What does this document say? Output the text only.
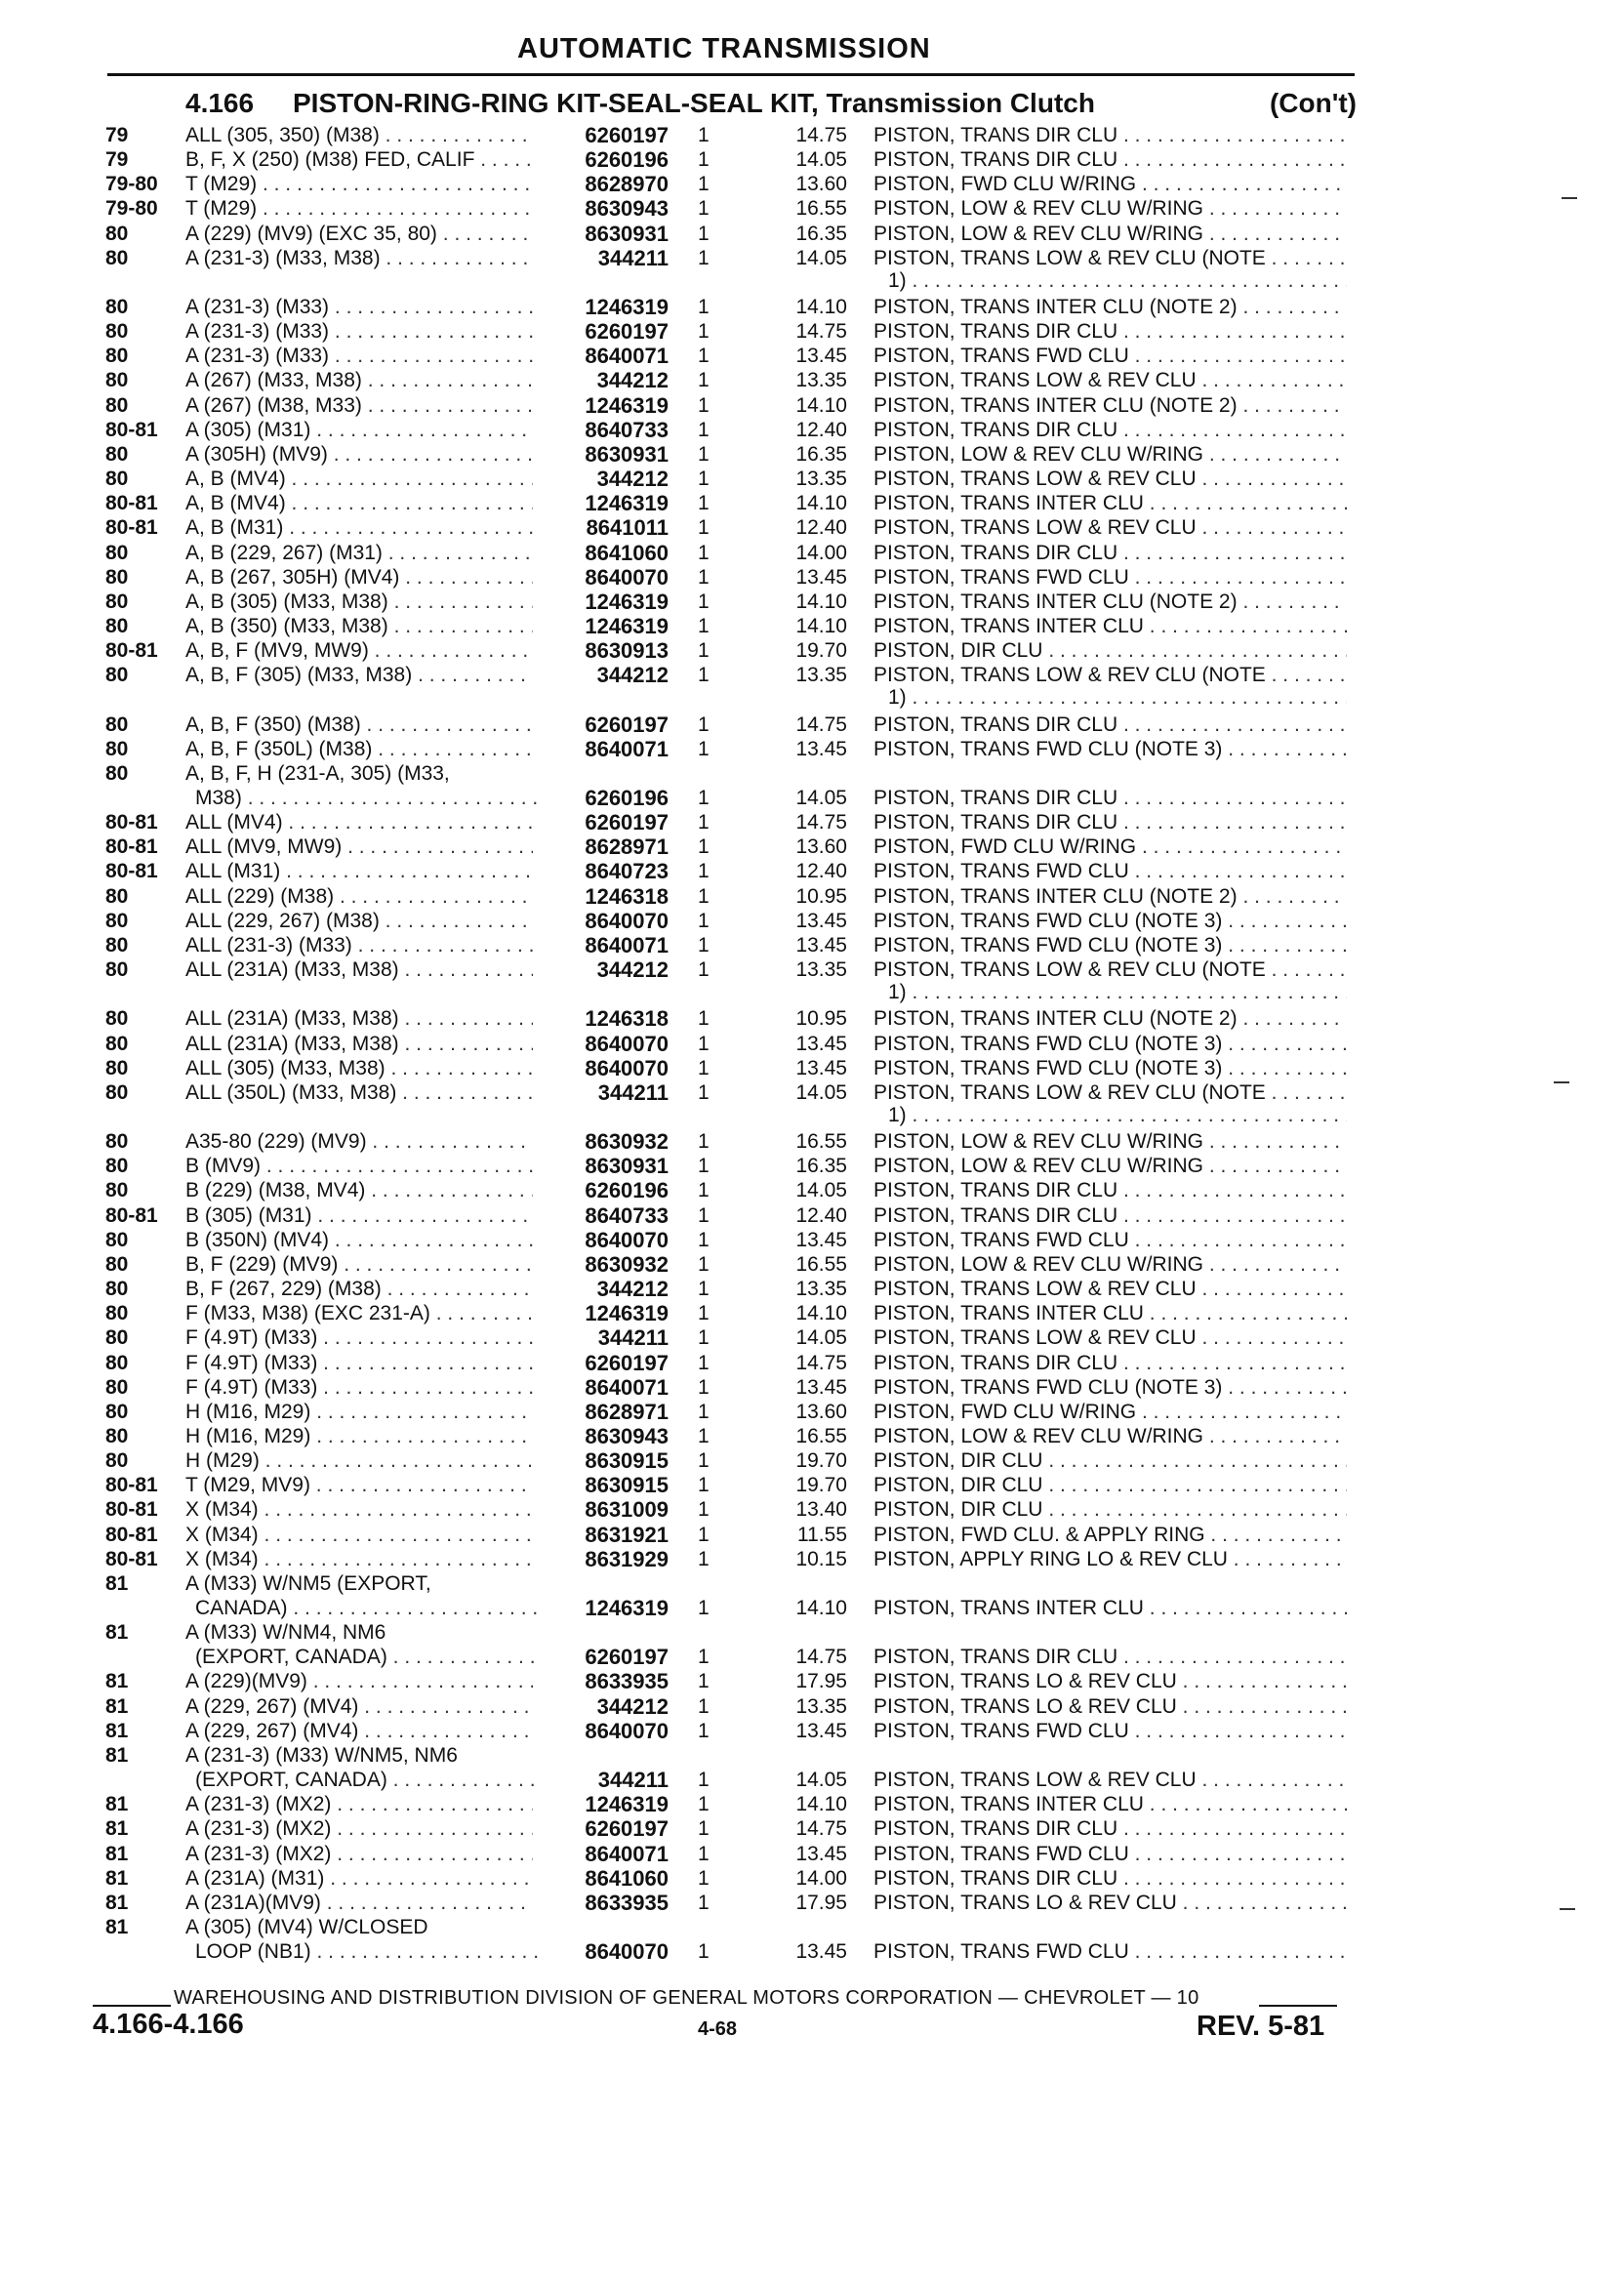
AUTOMATIC TRANSMISSION
4.166 PISTON-RING-RING KIT-SEAL-SEAL KIT, Transmission Clutch	(Con't)
79	ALL (305, 350) (M38) . . .	6260197 1	14.75 PISTON, TRANS DIR CLU . . .
79	B, F, X (250) (M38) FED, CALIF . . .	6260196 1	14.05 PISTON, TRANS DIR CLU . . .
79-80 T (M29) . . .	8628970 1	13.60 PISTON, FWD CLU W/RING . . .
79-80 T (M29) . . .	8630943 1	16.55 PISTON, LOW & REV CLU W/RING . . .
80	A (229) (MV9) (EXC 35, 80) . . .	8630931 1	16.35 PISTON, LOW & REV CLU W/RING . . .
80	A (231-3) (M33, M38) . . .	344211 1	14.05 PISTON, TRANS LOW & REV CLU (NOTE . . .
1) . . .
80	A (231-3) (M33) . . .	1246319 1	14.10 PISTON, TRANS INTER CLU (NOTE 2) . . .
80	A (231-3) (M33) . . .	6260197 1	14.75 PISTON, TRANS DIR CLU . . .
80	A (231-3) (M33) . . .	8640071 1	13.45 PISTON, TRANS FWD CLU . . .
80	A (267) (M33, M38) . . .	344212 1	13.35 PISTON, TRANS LOW & REV CLU . . .
80	A (267) (M38, M33) . . .	1246319 1	14.10 PISTON, TRANS INTER CLU (NOTE 2) . . .
80-81 A (305) (M31) . . .	8640733 1	12.40 PISTON, TRANS DIR CLU . . .
80	A (305H) (MV9) . . .	8630931 1	16.35 PISTON, LOW & REV CLU W/RING . . .
80	A, B (MV4) . . .	344212 1	13.35 PISTON, TRANS LOW & REV CLU . . .
80-81 A, B (MV4) . . .	1246319 1	14.10 PISTON, TRANS INTER CLU . . .
80-81 A, B (M31) . . .	8641011 1	12.40 PISTON, TRANS LOW & REV CLU . . .
80	A, B (229, 267) (M31) . . .	8641060 1	14.00 PISTON, TRANS DIR CLU . . .
80	A, B (267, 305H) (MV4) . . .	8640070 1	13.45 PISTON, TRANS FWD CLU . . .
80	A, B (305) (M33, M38) . . .	1246319 1	14.10 PISTON, TRANS INTER CLU (NOTE 2) . . .
80	A, B (350) (M33, M38) . . .	1246319 1	14.10 PISTON, TRANS INTER CLU . . .
80-81 A, B, F (MV9, MW9) . . .	8630913 1	19.70 PISTON, DIR CLU . . .
80	A, B, F (305) (M33, M38) . . .	344212 1	13.35 PISTON, TRANS LOW & REV CLU (NOTE . . .
1) . . .
80	A, B, F (350) (M38) . . .	6260197 1	14.75 PISTON, TRANS DIR CLU . . .
80	A, B, F (350L) (M38) . . .	8640071 1	13.45 PISTON, TRANS FWD CLU (NOTE 3) . . .
80	A, B, F, H (231-A, 305) (M33,
M38) . . .	6260196 1	14.05 PISTON, TRANS DIR CLU . . .
80-81 ALL (MV4) . . .	6260197 1	14.75 PISTON, TRANS DIR CLU . . .
80-81 ALL (MV9, MW9) . . .	8628971 1	13.60 PISTON, FWD CLU W/RING . . .
80-81 ALL (M31) . . .	8640723 1	12.40 PISTON, TRANS FWD CLU . . .
80	ALL (229) (M38) . . .	1246318 1	10.95 PISTON, TRANS INTER CLU (NOTE 2) . . .
80	ALL (229, 267) (M38) . . .	8640070 1	13.45 PISTON, TRANS FWD CLU (NOTE 3) . . .
80	ALL (231-3) (M33) . . .	8640071 1	13.45 PISTON, TRANS FWD CLU (NOTE 3) . . .
80	ALL (231A) (M33, M38) . . .	344212 1	13.35 PISTON, TRANS LOW & REV CLU (NOTE . . .
1) . . .
80	ALL (231A) (M33, M38) . . .	1246318 1	10.95 PISTON, TRANS INTER CLU (NOTE 2) . . .
80	ALL (231A) (M33, M38) . . .	8640070 1	13.45 PISTON, TRANS FWD CLU (NOTE 3) . . .
80	ALL (305) (M33, M38) . . .	8640070 1	13.45 PISTON, TRANS FWD CLU (NOTE 3) . . .
80	ALL (350L) (M33, M38) . . .	344211 1	14.05 PISTON, TRANS LOW & REV CLU (NOTE . . .
1) . . .
80	A35-80 (229) (MV9) . . .	8630932 1	16.55 PISTON, LOW & REV CLU W/RING . . .
80	B (MV9) . . .	8630931 1	16.35 PISTON, LOW & REV CLU W/RING . . .
80	B (229) (M38, MV4) . . .	6260196 1	14.05 PISTON, TRANS DIR CLU . . .
80-81 B (305) (M31) . . .	8640733 1	12.40 PISTON, TRANS DIR CLU . . .
80	B (350N) (MV4) . . .	8640070 1	13.45 PISTON, TRANS FWD CLU . . .
80	B, F (229) (MV9) . . .	8630932 1	16.55 PISTON, LOW & REV CLU W/RING . . .
80	B, F (267, 229) (M38) . . .	344212 1	13.35 PISTON, TRANS LOW & REV CLU . . .
80	F (M33, M38) (EXC 231-A) . . .	1246319 1	14.10 PISTON, TRANS INTER CLU . . .
80	F (4.9T) (M33) . . .	344211 1	14.05 PISTON, TRANS LOW & REV CLU . . .
80	F (4.9T) (M33) . . .	6260197 1	14.75 PISTON, TRANS DIR CLU . . .
80	F (4.9T) (M33) . . .	8640071 1	13.45 PISTON, TRANS FWD CLU (NOTE 3) . . .
80	H (M16, M29) . . .	8628971 1	13.60 PISTON, FWD CLU W/RING . . .
80	H (M16, M29) . . .	8630943 1	16.55 PISTON, LOW & REV CLU W/RING . . .
80	H (M29) . . .	8630915 1	19.70 PISTON, DIR CLU . . .
80-81 T (M29, MV9) . . .	8630915 1	19.70 PISTON, DIR CLU . . .
80-81 X (M34) . . .	8631009 1	13.40 PISTON, DIR CLU . . .
80-81 X (M34) . . .	8631921 1	11.55 PISTON, FWD CLU. & APPLY RING . . .
80-81 X (M34) . . .	8631929 1	10.15 PISTON, APPLY RING LO & REV CLU . . .
81	A (M33) W/NM5 (EXPORT,
CANADA) . . .	1246319 1	14.10 PISTON, TRANS INTER CLU . . .
81	A (M33) W/NM4, NM6
(EXPORT, CANADA) . . .	6260197 1	14.75 PISTON, TRANS DIR CLU . . .
81	A (229)(MV9) . . .	8633935 1	17.95 PISTON, TRANS LO & REV CLU . . .
81	A (229, 267) (MV4) . . .	344212 1	13.35 PISTON, TRANS LO & REV CLU . . .
81	A (229, 267) (MV4) . . .	8640070 1	13.45 PISTON, TRANS FWD CLU . . .
81	A (231-3) (M33) W/NM5, NM6
(EXPORT, CANADA) . . .	344211 1	14.05 PISTON, TRANS LOW & REV CLU . . .
81	A (231-3) (MX2) . . .	1246319 1	14.10 PISTON, TRANS INTER CLU . . .
81	A (231-3) (MX2) . . .	6260197 1	14.75 PISTON, TRANS DIR CLU . . .
81	A (231-3) (MX2) . . .	8640071 1	13.45 PISTON, TRANS FWD CLU . . .
81	A (231A) (M31) . . .	8641060 1	14.00 PISTON, TRANS DIR CLU . . .
81	A (231A)(MV9) . . .	8633935 1	17.95 PISTON, TRANS LO & REV CLU . . .
81	A (305) (MV4) W/CLOSED
LOOP (NB1) . . .	8640070 1	13.45 PISTON, TRANS FWD CLU . . .
WAREHOUSING AND DISTRIBUTION DIVISION OF GENERAL MOTORS CORPORATION — CHEVROLET — 10
4.166-4.166	4-68	REV. 5-81
